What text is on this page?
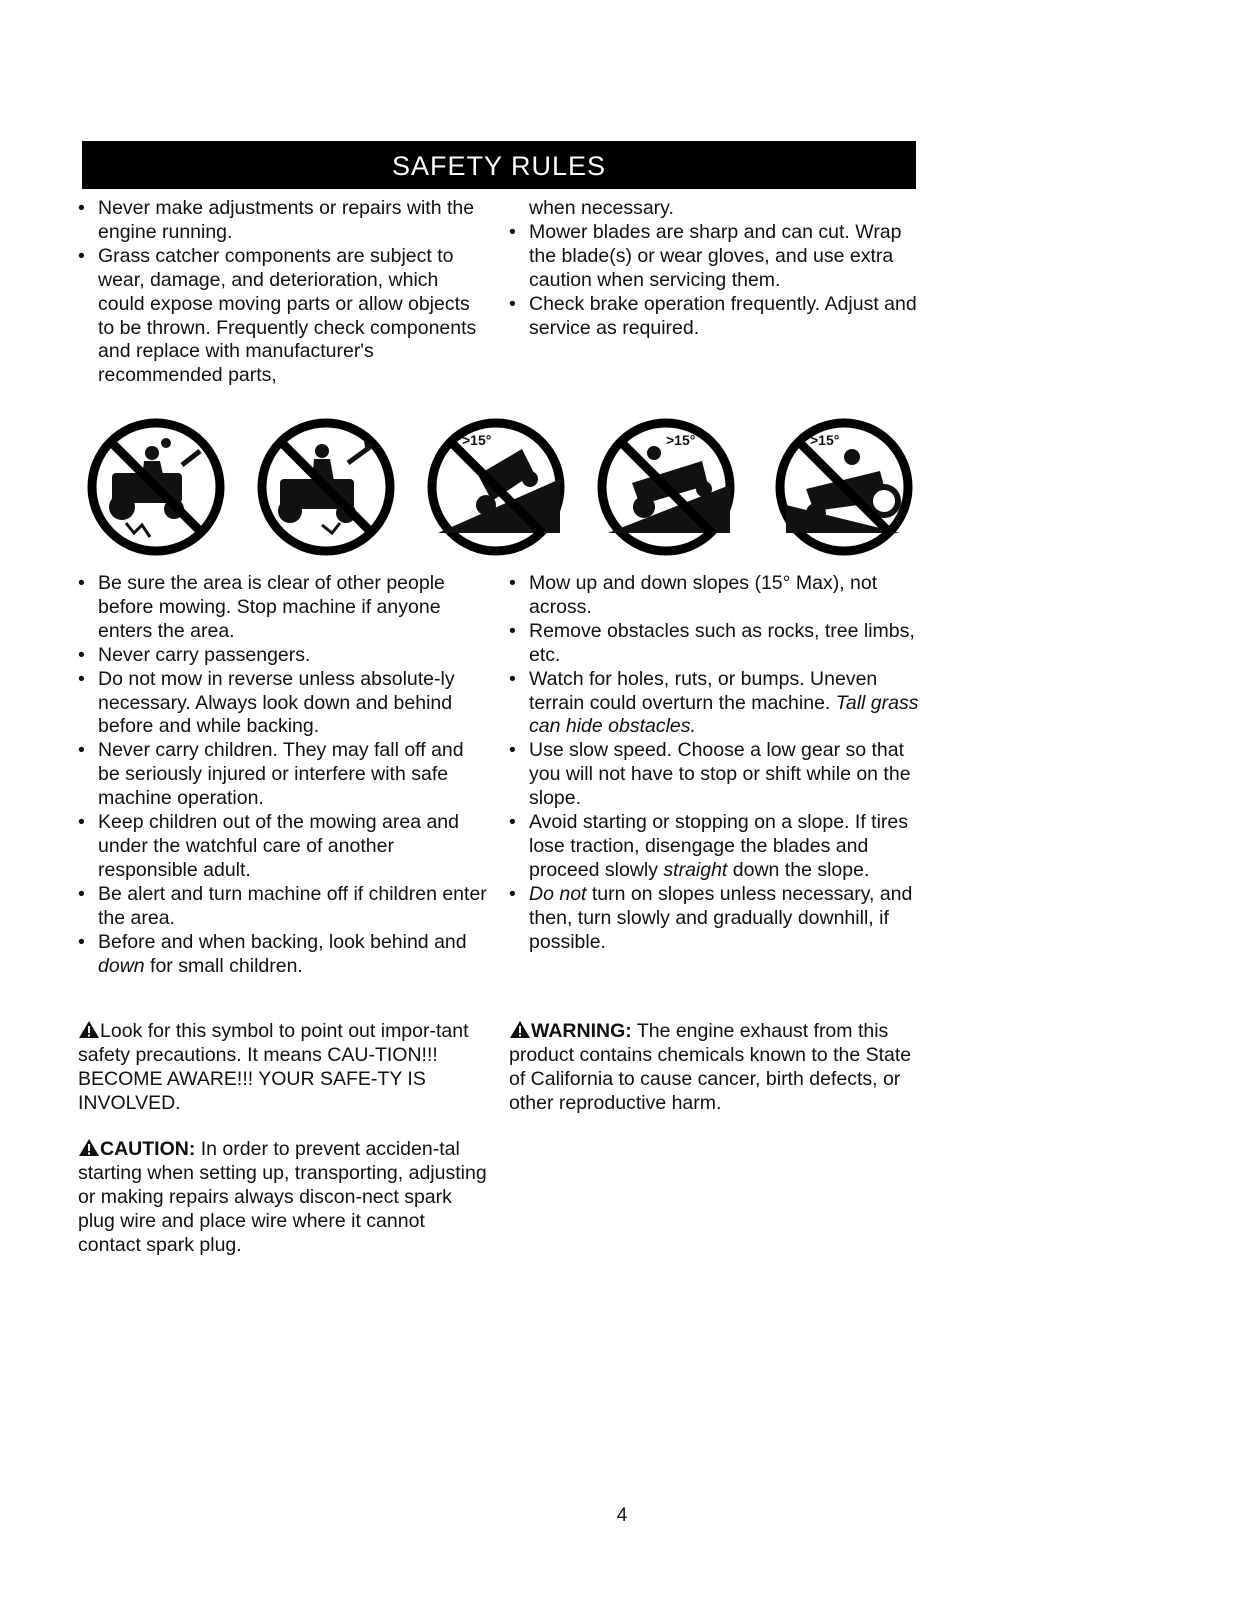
SAFETY RULES
• Never make adjustments or repairs with the engine running.
• Grass catcher components are subject to wear, damage, and deterioration, which could expose moving parts or allow objects to be thrown. Frequently check components and replace with manufacturer's recommended parts,

when necessary.

• Mower blades are sharp and can cut. Wrap the blade(s) or wear gloves, and use extra caution when servicing them.
• Check brake operation frequently. Adjust and service as required.
>15°	>15°	>15°
• Be sure the area is clear of other people before mowing. Stop machine if anyone enters the area.
• Never carry passengers.
• Do not mow in reverse unless absolute-ly necessary. Always look down and behind before and while backing.
• Never carry children. They may fall off and be seriously injured or interfere with safe machine operation.
• Keep children out of the mowing area and under the watchful care of another responsible adult.
• Be alert and turn machine off if children enter the area.
• Before and when backing, look behind and down for small children.
• Mow up and down slopes (15° Max), not across.
• Remove obstacles such as rocks, tree limbs, etc.
• Watch for holes, ruts, or bumps. Uneven terrain could overturn the machine. Tall grass can hide obstacles.
• Use slow speed. Choose a low gear so that you will not have to stop or shift while on the slope.
• Avoid starting or stopping on a slope. If tires lose traction, disengage the blades and proceed slowly straight down the slope.
• Do not turn on slopes unless necessary, and then, turn slowly and gradually downhill, if possible.
Look for this symbol to point out impor-tant safety precautions. It means CAU-TION!!! BECOME AWARE!!! YOUR SAFE-TY IS INVOLVED.
CAUTION: In order to prevent acciden-tal starting when setting up, transporting, adjusting or making repairs always discon-nect spark plug wire and place wire where it cannot contact spark plug.
WARNING: The engine exhaust from this product contains chemicals known to the State of California to cause cancer, birth defects, or other reproductive harm.
4
